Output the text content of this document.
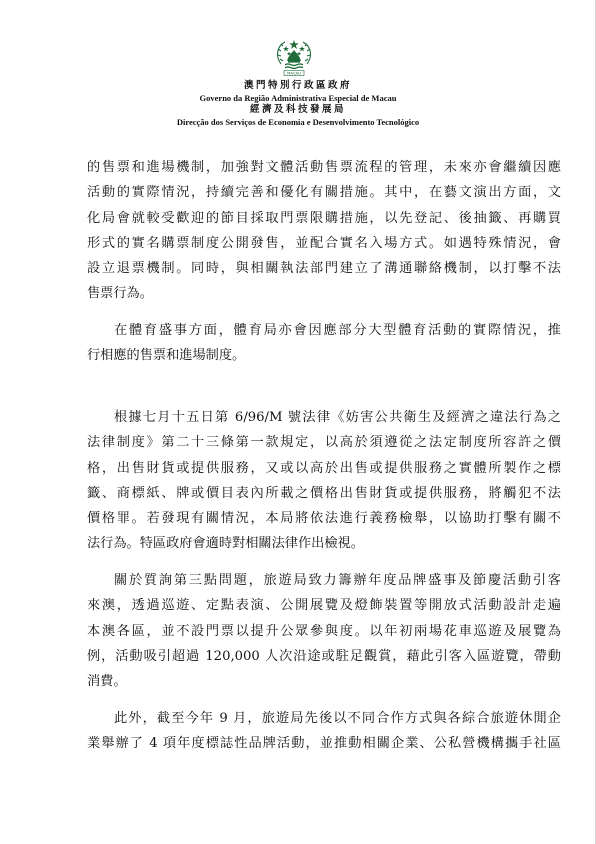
MACAU
澳門特別行政區政府
Governo da Região Administrativa Especial de Macau
經濟及科技發展局
Direcção dos Serviços de Economia e Desenvolvimento Tecnológico
的售票和進場機制，加強對文體活動售票流程的管理，未來亦會繼續因應
活動的實際情況，持續完善和優化有關措施。其中，在藝文演出方面，文
化局會就較受歡迎的節目採取門票限購措施，以先登記、後抽籤、再購買
形式的實名購票制度公開發售，並配合實名入場方式。如遇特殊情況，會
設立退票機制。同時，與相關執法部門建立了溝通聯絡機制，以打擊不法
售票行為。
在體育盛事方面，體育局亦會因應部分大型體育活動的實際情況，推
行相應的售票和進場制度。
根據七月十五日第 6/96/M 號法律《妨害公共衛生及經濟之違法行為之
法律制度》第二十三條第一款規定，以高於須遵從之法定制度所容許之價
格，出售財貨或提供服務，又或以高於出售或提供服務之實體所製作之標
籤、商標紙、牌或價目表內所載之價格出售財貨或提供服務，將觸犯不法
價格罪。若發現有關情況，本局將依法進行義務檢舉，以協助打擊有關不
法行為。特區政府會適時對相關法律作出檢視。
關於質詢第三點問題，旅遊局致力籌辦年度品牌盛事及節慶活動引客
來澳，透過巡遊、定點表演、公開展覽及燈飾裝置等開放式活動設計走遍
本澳各區，並不設門票以提升公眾參與度。以年初兩場花車巡遊及展覽為
例，活動吸引超過 120,000 人次沿途或駐足觀賞，藉此引客入區遊覽，帶動
消費。
此外，截至今年 9 月，旅遊局先後以不同合作方式與各綜合旅遊休閒企
業舉辦了 4 項年度標誌性品牌活動，並推動相關企業、公私營機構攜手社區
